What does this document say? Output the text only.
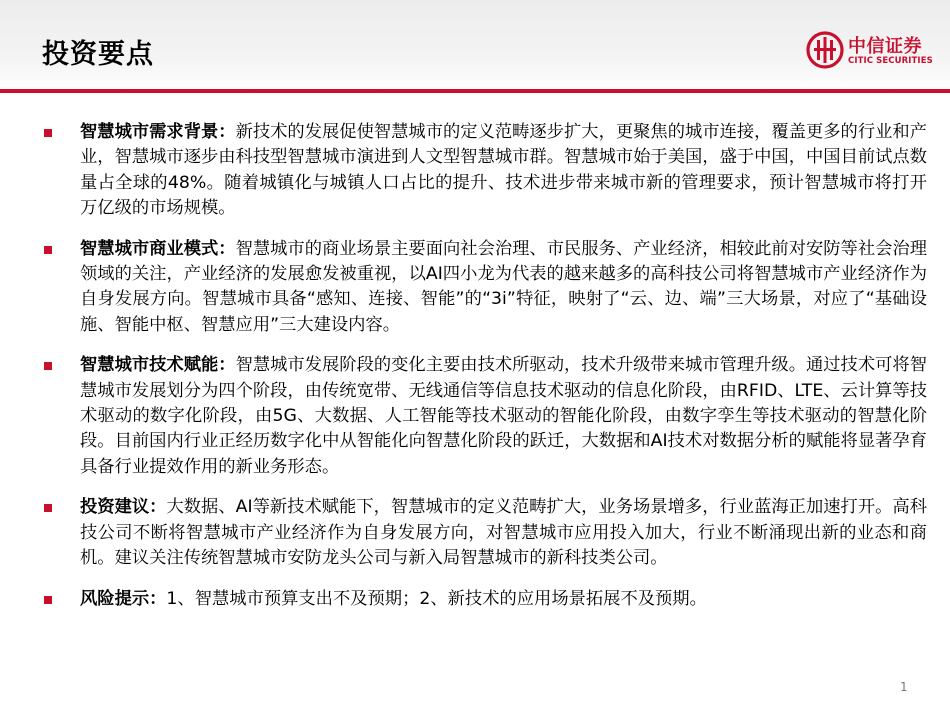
投资要点	中信证券
CITIC SECURITIES
智慧城市需求背景：新技术的发展促使智慧城市的定义范畴逐步扩大，更聚焦的城市连接，覆盖更多的行业和产业，智慧城市逐步由科技型智慧城市演进到人文型智慧城市群。智慧城市始于美国，盛于中国，中国目前试点数量占全球的48%。随着城镇化与城镇人口占比的提升、技术进步带来城市新的管理要求，预计智慧城市将打开万亿级的市场规模。
智慧城市商业模式：智慧城市的商业场景主要面向社会治理、市民服务、产业经济，相较此前对安防等社会治理领域的关注，产业经济的发展愈发被重视，以AI四小龙为代表的越来越多的高科技公司将智慧城市产业经济作为自身发展方向。智慧城市具备“感知、连接、智能”的“3i”特征，映射了“云、边、端”三大场景，对应了“基础设施、智能中枢、智慧应用”三大建设内容。
智慧城市技术赋能：智慧城市发展阶段的变化主要由技术所驱动，技术升级带来城市管理升级。通过技术可将智慧城市发展划分为四个阶段，由传统宽带、无线通信等信息技术驱动的信息化阶段，由RFID、LTE、云计算等技术驱动的数字化阶段，由5G、大数据、人工智能等技术驱动的智能化阶段，由数字孪生等技术驱动的智慧化阶段。目前国内行业正经历数字化中从智能化向智慧化阶段的跃迁，大数据和AI技术对数据分析的赋能将显著孕育具备行业提效作用的新业务形态。
投资建议：大数据、AI等新技术赋能下，智慧城市的定义范畴扩大，业务场景增多，行业蓝海正加速打开。高科技公司不断将智慧城市产业经济作为自身发展方向，对智慧城市应用投入加大，行业不断涌现出新的业态和商机。建议关注传统智慧城市安防龙头公司与新入局智慧城市的新科技类公司。
风险提示：1、智慧城市预算支出不及预期；2、新技术的应用场景拓展不及预期。
1
